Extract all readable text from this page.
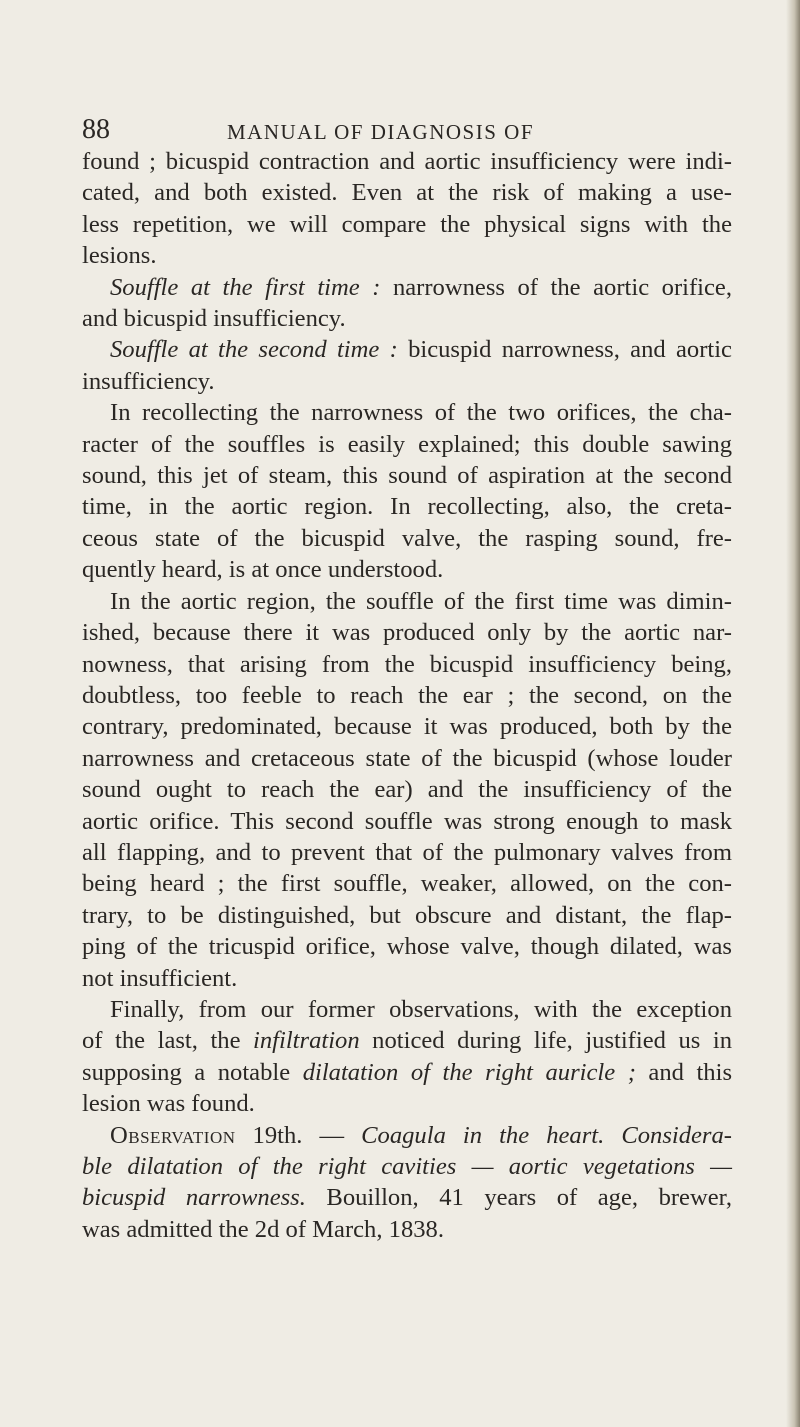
88	MANUAL OF DIAGNOSIS OF
found ; bicuspid contraction and aortic insufficiency were indi-
cated, and both existed. Even at the risk of making a use-
less repetition, we will compare the physical signs with the
lesions.
Souffle at the first time : narrowness of the aortic orifice,
and bicuspid insufficiency.
Souffle at the second time : bicuspid narrowness, and aortic
insufficiency.
In recollecting the narrowness of the two orifices, the cha-
racter of the souffles is easily explained; this double sawing
sound, this jet of steam, this sound of aspiration at the second
time, in the aortic region. In recollecting, also, the creta-
ceous state of the bicuspid valve, the rasping sound, fre-
quently heard, is at once understood.
In the aortic region, the souffle of the first time was dimin-
ished, because there it was produced only by the aortic nar-
nowness, that arising from the bicuspid insufficiency being,
doubtless, too feeble to reach the ear ; the second, on the
contrary, predominated, because it was produced, both by the
narrowness and cretaceous state of the bicuspid (whose louder
sound ought to reach the ear) and the insufficiency of the
aortic orifice. This second souffle was strong enough to mask
all flapping, and to prevent that of the pulmonary valves from
being heard ; the first souffle, weaker, allowed, on the con-
trary, to be distinguished, but obscure and distant, the flap-
ping of the tricuspid orifice, whose valve, though dilated, was
not insufficient.
Finally, from our former observations, with the exception
of the last, the infiltration noticed during life, justified us in
supposing a notable dilatation of the right auricle ; and this
lesion was found.
Observation 19th. — Coagula in the heart. Considera-
ble dilatation of the right cavities — aortic vegetations —
bicuspid narrowness. Bouillon, 41 years of age, brewer,
was admitted the 2d of March, 1838.
